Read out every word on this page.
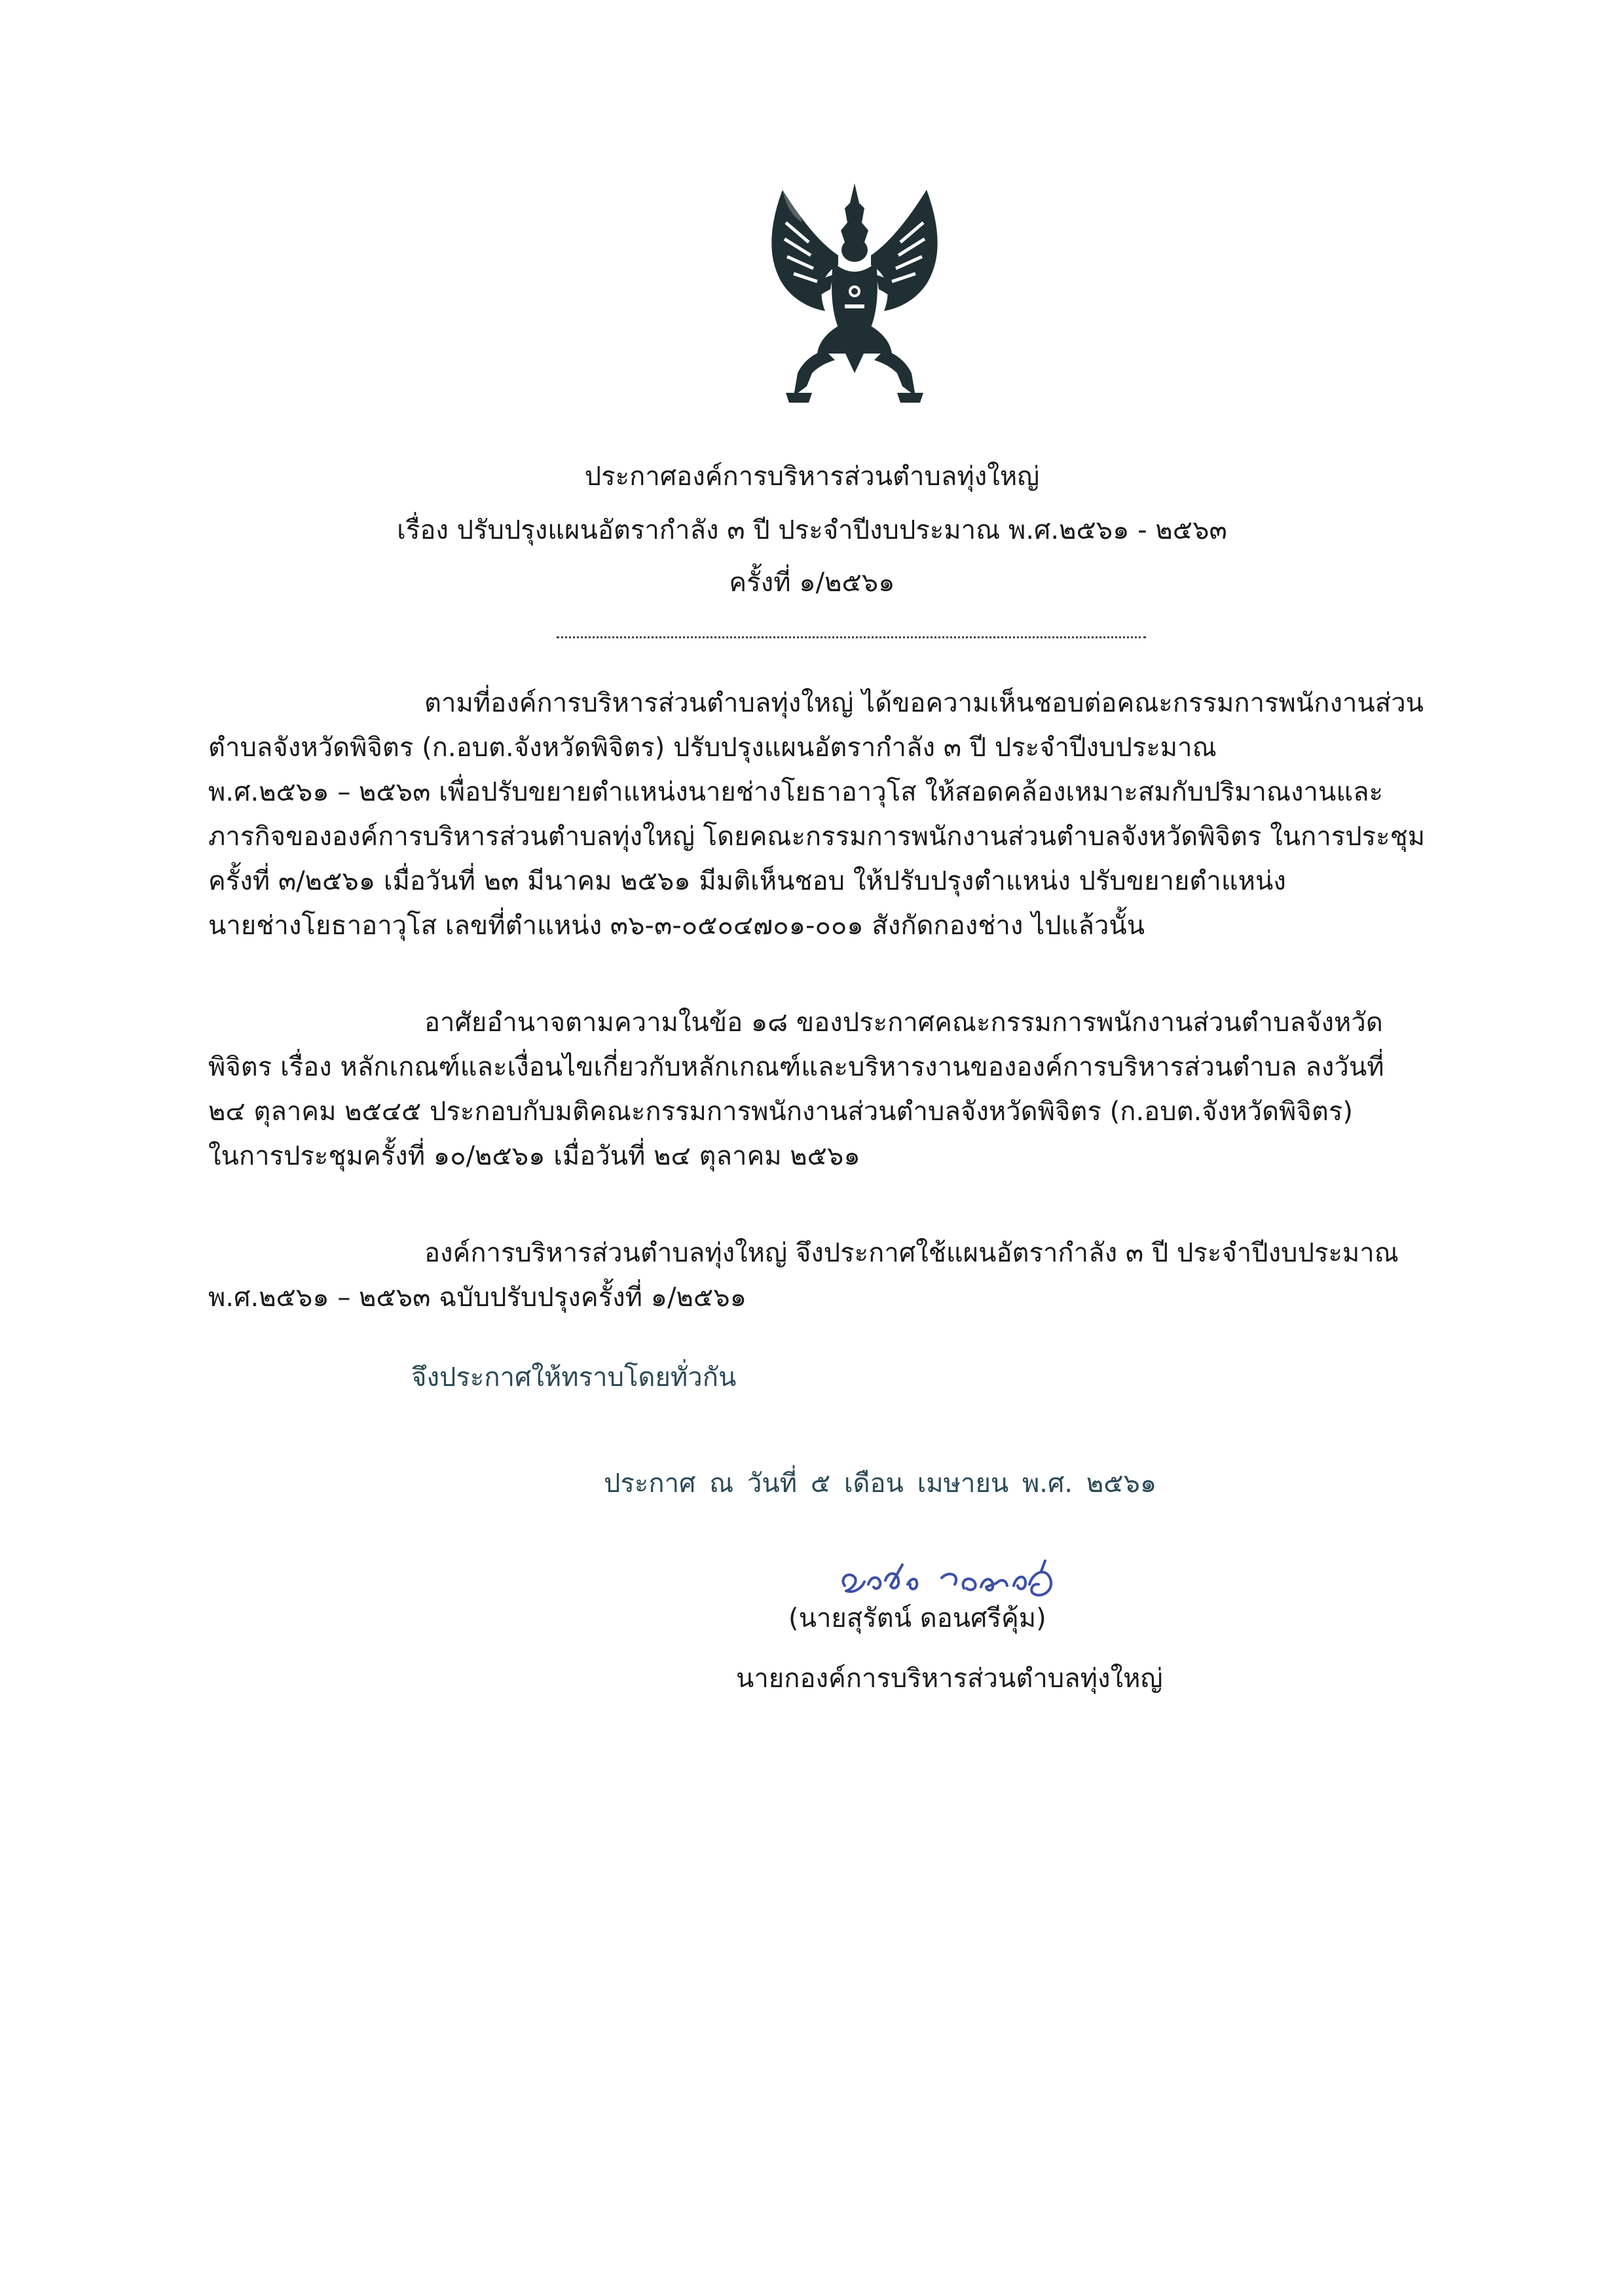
ประกาศองค์การบริหารส่วนตำบลทุ่งใหญ่
เรื่อง ปรับปรุงแผนอัตรากำลัง ๓ ปี ประจำปีงบประมาณ พ.ศ.๒๕๖๑ - ๒๕๖๓
ครั้งที่ ๑/๒๕๖๑
ตามที่องค์การบริหารส่วนตำบลทุ่งใหญ่ ได้ขอความเห็นชอบต่อคณะกรรมการพนักงานส่วน
ตำบลจังหวัดพิจิตร (ก.อบต.จังหวัดพิจิตร) ปรับปรุงแผนอัตรากำลัง ๓ ปี ประจำปีงบประมาณ
พ.ศ.๒๕๖๑ – ๒๕๖๓ เพื่อปรับขยายตำแหน่งนายช่างโยธาอาวุโส ให้สอดคล้องเหมาะสมกับปริมาณงานและ
ภารกิจขององค์การบริหารส่วนตำบลทุ่งใหญ่ โดยคณะกรรมการพนักงานส่วนตำบลจังหวัดพิจิตร ในการประชุม
ครั้งที่ ๓/๒๕๖๑ เมื่อวันที่ ๒๓ มีนาคม ๒๕๖๑ มีมติเห็นชอบ ให้ปรับปรุงตำแหน่ง ปรับขยายตำแหน่ง
นายช่างโยธาอาวุโส เลขที่ตำแหน่ง ๓๖-๓-๐๕๐๔๗๐๑-๐๐๑ สังกัดกองช่าง ไปแล้วนั้น
อาศัยอำนาจตามความในข้อ ๑๘ ของประกาศคณะกรรมการพนักงานส่วนตำบลจังหวัด
พิจิตร เรื่อง หลักเกณฑ์และเงื่อนไขเกี่ยวกับหลักเกณฑ์และบริหารงานขององค์การบริหารส่วนตำบล ลงวันที่
๒๔ ตุลาคม ๒๕๔๕ ประกอบกับมติคณะกรรมการพนักงานส่วนตำบลจังหวัดพิจิตร (ก.อบต.จังหวัดพิจิตร)
ในการประชุมครั้งที่ ๑๐/๒๕๖๑ เมื่อวันที่ ๒๔ ตุลาคม ๒๕๖๑
องค์การบริหารส่วนตำบลทุ่งใหญ่ จึงประกาศใช้แผนอัตรากำลัง ๓ ปี ประจำปีงบประมาณ
พ.ศ.๒๕๖๑ – ๒๕๖๓ ฉบับปรับปรุงครั้งที่ ๑/๒๕๖๑
จึงประกาศให้ทราบโดยทั่วกัน
ประกาศ ณ วันที่ ๕ เดือน เมษายน พ.ศ. ๒๕๖๑
(นายสุรัตน์ ดอนศรีคุ้ม)
นายกองค์การบริหารส่วนตำบลทุ่งใหญ่
